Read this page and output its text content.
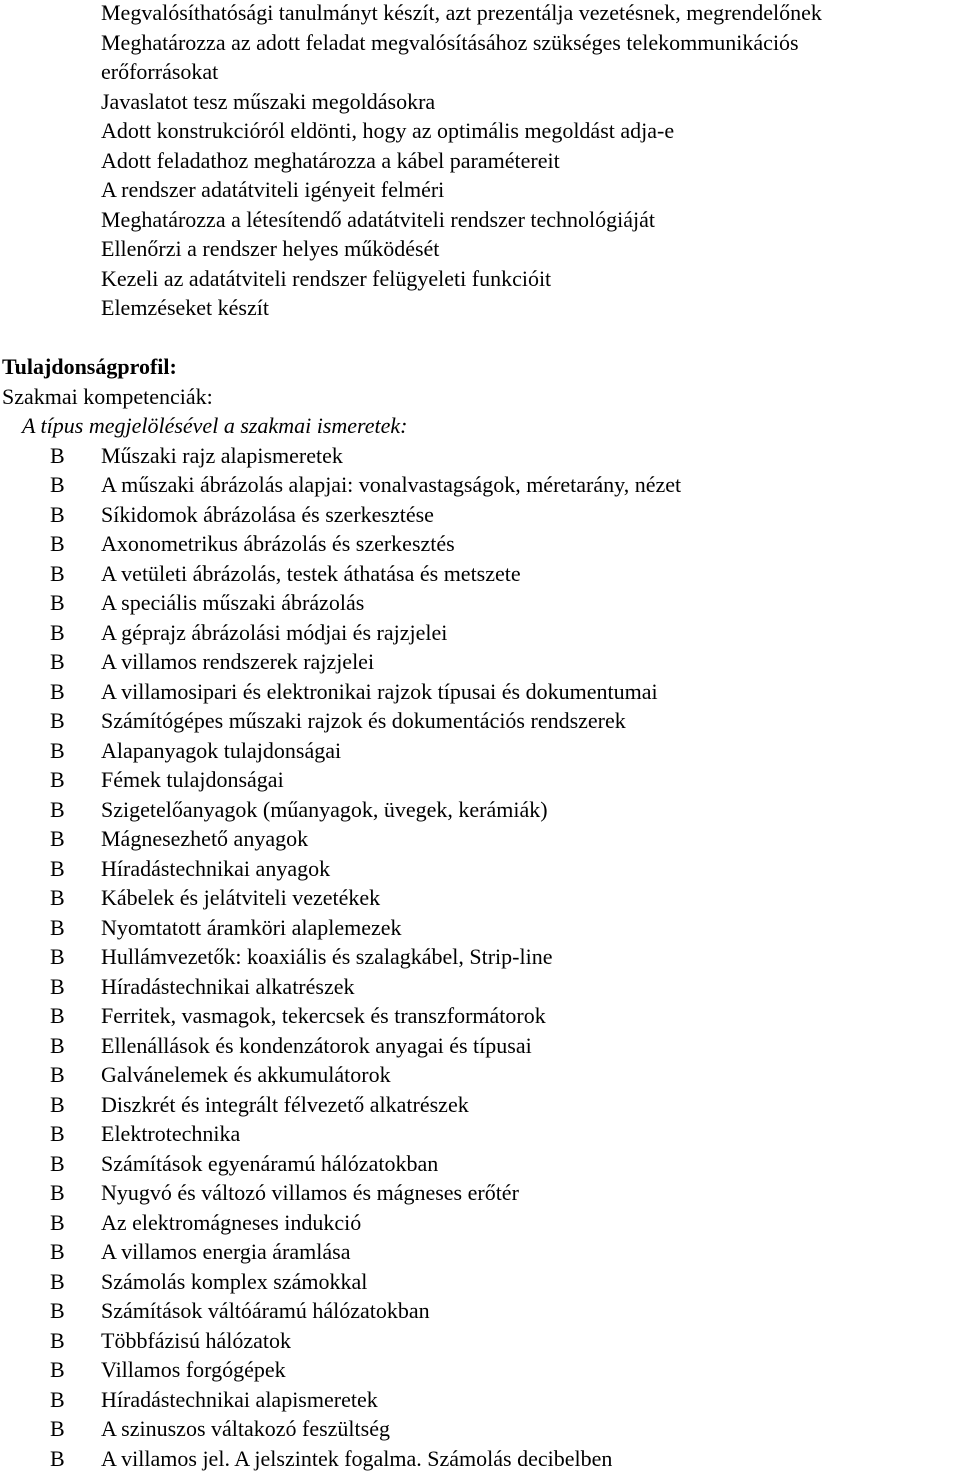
Megvalósíthatósági tanulmányt készít, azt prezentálja vezetésnek, megrendelőnek
Meghatározza az adott feladat megvalósításához szükséges telekommunikációs
erőforrásokat
Javaslatot tesz műszaki megoldásokra
Adott konstrukcióról eldönti, hogy az optimális megoldást adja-e
Adott feladathoz meghatározza a kábel paramétereit
A rendszer adatátviteli igényeit felméri
Meghatározza a létesítendő adatátviteli rendszer technológiáját
Ellenőrzi a rendszer helyes működését
Kezeli az adatátviteli rendszer felügyeleti funkcióit
Elemzéseket készít
Tulajdonságprofil:
Szakmai kompetenciák:
A típus megjelölésével a szakmai ismeretek:
B Műszaki rajz alapismeretek
B A műszaki ábrázolás alapjai: vonalvastagságok, méretarány, nézet
B Síkidomok ábrázolása és szerkesztése
B Axonometrikus ábrázolás és szerkesztés
B A vetületi ábrázolás, testek áthatása és metszete
B A speciális műszaki ábrázolás
B A géprajz ábrázolási módjai és rajzjelei
B A villamos rendszerek rajzjelei
B A villamosipari és elektronikai rajzok típusai és dokumentumai
B Számítógépes műszaki rajzok és dokumentációs rendszerek
B Alapanyagok tulajdonságai
B Fémek tulajdonságai
B Szigetelőanyagok (műanyagok, üvegek, kerámiák)
B Mágnesezhető anyagok
B Híradástechnikai anyagok
B Kábelek és jelátviteli vezetékek
B Nyomtatott áramköri alaplemezek
B Hullámvezetők: koaxiális és szalagkábel, Strip-line
B Híradástechnikai alkatrészek
B Ferritek, vasmagok, tekercsek és transzformátorok
B Ellenállások és kondenzátorok anyagai és típusai
B Galvánelemek és akkumulátorok
B Diszkrét és integrált félvezető alkatrészek
B Elektrotechnika
B Számítások egyenáramú hálózatokban
B Nyugvó és változó villamos és mágneses erőtér
B Az elektromágneses indukció
B A villamos energia áramlása
B Számolás komplex számokkal
B Számítások váltóáramú hálózatokban
B Többfázisú hálózatok
B Villamos forgógépek
B Híradástechnikai alapismeretek
B A szinuszos váltakozó feszültség
B A villamos jel. A jelszintek fogalma. Számolás decibelben
